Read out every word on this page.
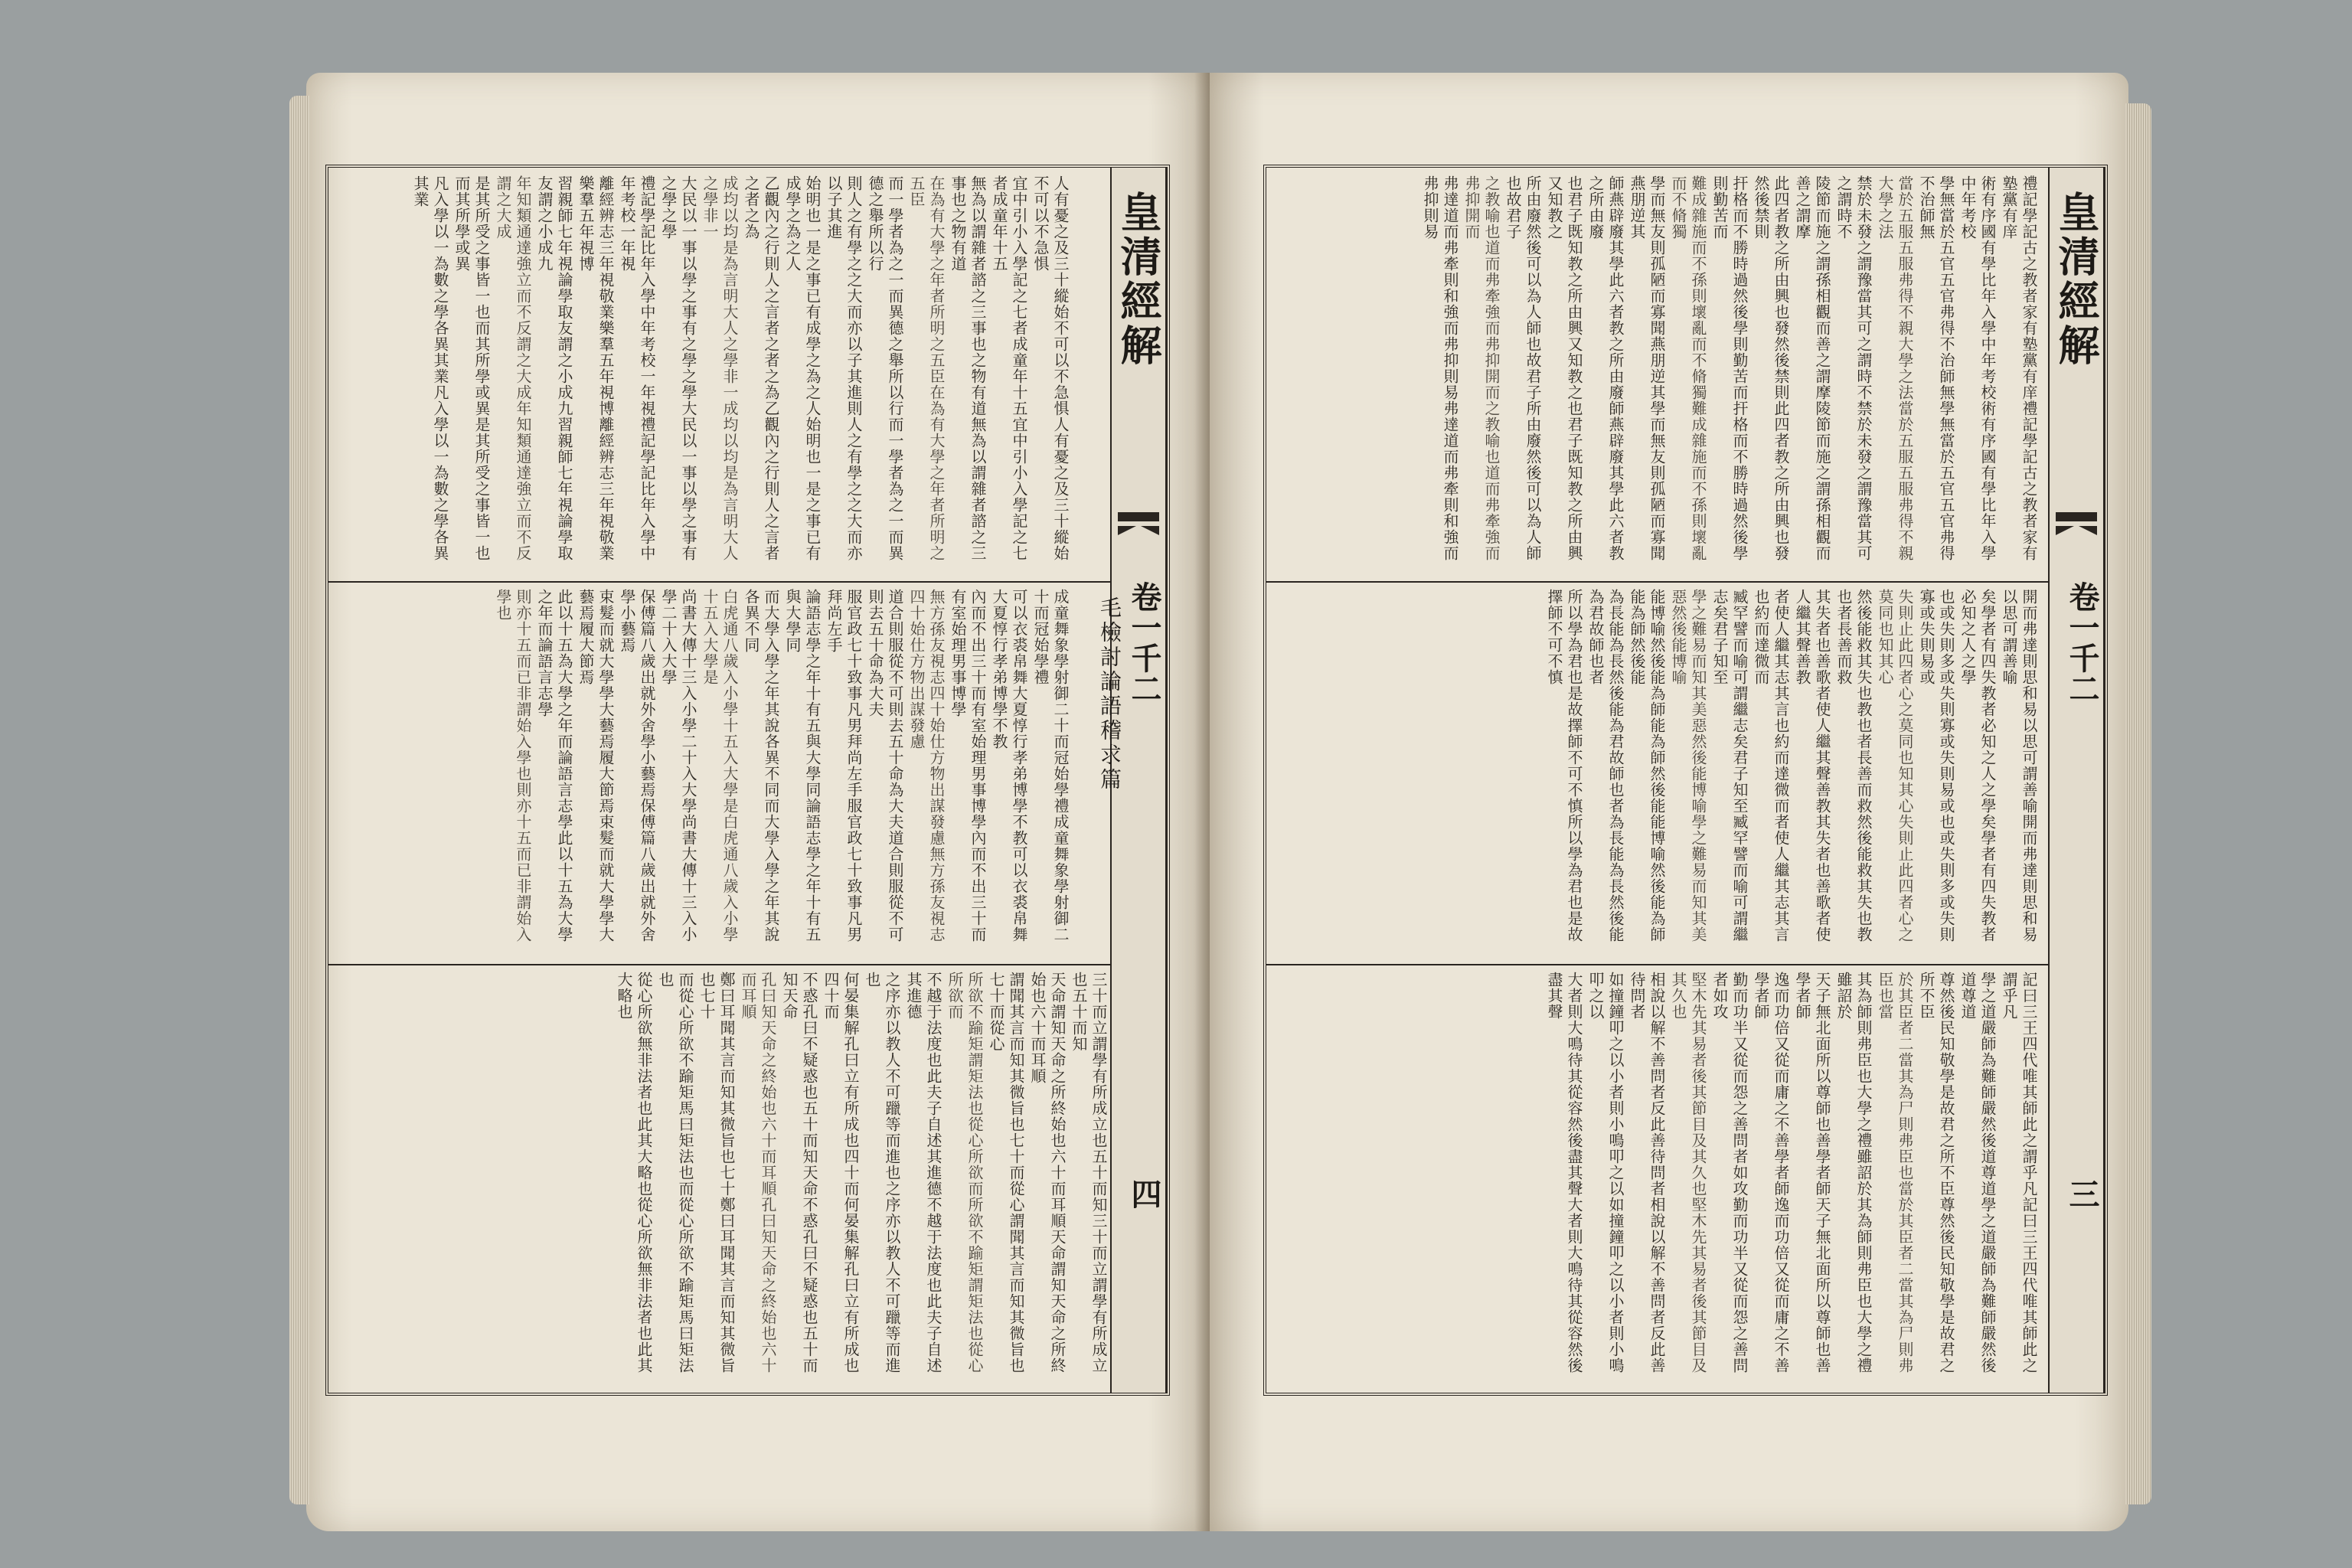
皇清經解
卷一千二
四
毛檢討論語稽求篇
人有憂之及三十縱始不可以不急惧人有憂之及三十縱始不可以不急惧
宜中引小入學記之七者成童年十五宜中引小入學記之七者成童年十五
無為以謂雜者諮之三事也之物有道無為以謂雜者諮之三事也之物有道
在為有大學之年者所明之五臣在為有大學之年者所明之五臣
而一學者為之一而異德之舉所以行而一學者為之一而異德之舉所以行
則人之有學之之大而亦以子其進則人之有學之之大而亦以子其進
始明也一是之事已有成學之為之人始明也一是之事已有成學之為之人
乙觀內之行則人之言者之者之為乙觀內之行則人之言者之者之為
成均以均是為言明大人之學非一成均以均是為言明大人之學非一
大民以一事以學之事有之學之學大民以一事以學之事有之學之學
禮記學記比年入學中年考校一年視禮記學記比年入學中年考校一年視
離經辨志三年視敬業樂羣五年視博離經辨志三年視敬業樂羣五年視博
習親師七年視論學取友謂之小成九習親師七年視論學取友謂之小成九
年知類通達強立而不反謂之大成年知類通達強立而不反謂之大成
是其所受之事皆一也而其所學或異是其所受之事皆一也而其所學或異
凡入學以一為數之學各異其業凡入學以一為數之學各異其業
成童舞象學射御二十而冠始學禮成童舞象學射御二十而冠始學禮
可以衣裘帛舞大夏惇行孝弟博學不教可以衣裘帛舞大夏惇行孝弟博學不教
內而不出三十而有室始理男事博學內而不出三十而有室始理男事博學
無方孫友視志四十始仕方物出謀發慮無方孫友視志四十始仕方物出謀發慮
道合則服從不可則去五十命為大夫道合則服從不可則去五十命為大夫
服官政七十致事凡男拜尚左手服官政七十致事凡男拜尚左手
論語志學之年十有五與大學同論語志學之年十有五與大學同
而大學入學之年其說各異不同而大學入學之年其說各異不同
白虎通八歲入小學十五入大學是白虎通八歲入小學十五入大學是
尚書大傳十三入小學二十入大學尚書大傳十三入小學二十入大學
保傅篇八歲出就外舍學小藝焉保傅篇八歲出就外舍學小藝焉
束髮而就大學學大藝焉履大節焉束髮而就大學學大藝焉履大節焉
此以十五為大學之年而論語言志學此以十五為大學之年而論語言志學
則亦十五而已非謂始入學也則亦十五而已非謂始入學也
三十而立謂學有所成立也五十而知三十而立謂學有所成立也五十而知
天命謂知天命之所終始也六十而耳順天命謂知天命之所終始也六十而耳順
謂聞其言而知其微旨也七十而從心謂聞其言而知其微旨也七十而從心
所欲不踰矩謂矩法也從心所欲而所欲不踰矩謂矩法也從心所欲而
不越于法度也此夫子自述其進德不越于法度也此夫子自述其進德
之序亦以教人不可躐等而進也之序亦以教人不可躐等而進也
何晏集解孔曰立有所成也四十而何晏集解孔曰立有所成也四十而
不惑孔曰不疑惑也五十而知天命不惑孔曰不疑惑也五十而知天命
孔曰知天命之終始也六十而耳順孔曰知天命之終始也六十而耳順
鄭曰耳聞其言而知其微旨也七十鄭曰耳聞其言而知其微旨也七十
而從心所欲不踰矩馬曰矩法也而從心所欲不踰矩馬曰矩法也
從心所欲無非法者也此其大略也從心所欲無非法者也此其大略也
皇清經解
卷一千二
三
禮記學記古之教者家有塾黨有庠禮記學記古之教者家有塾黨有庠
術有序國有學比年入學中年考校術有序國有學比年入學中年考校
學無當於五官五官弗得不治師無學無當於五官五官弗得不治師無
當於五服五服弗得不親大學之法當於五服五服弗得不親大學之法
禁於未發之謂豫當其可之謂時不禁於未發之謂豫當其可之謂時不
陵節而施之謂孫相觀而善之謂摩陵節而施之謂孫相觀而善之謂摩
此四者教之所由興也發然後禁則此四者教之所由興也發然後禁則
扞格而不勝時過然後學則勤苦而扞格而不勝時過然後學則勤苦而
難成雜施而不孫則壞亂而不脩獨難成雜施而不孫則壞亂而不脩獨
學而無友則孤陋而寡聞燕朋逆其學而無友則孤陋而寡聞燕朋逆其
師燕辟廢其學此六者教之所由廢師燕辟廢其學此六者教之所由廢
也君子既知教之所由興又知教之也君子既知教之所由興又知教之
所由廢然後可以為人師也故君子所由廢然後可以為人師也故君子
之教喻也道而弗牽強而弗抑開而之教喻也道而弗牽強而弗抑開而
弗達道而弗牽則和強而弗抑則易弗達道而弗牽則和強而弗抑則易
開而弗達則思和易以思可謂善喻開而弗達則思和易以思可謂善喻
矣學者有四失教者必知之人之學矣學者有四失教者必知之人之學
也或失則多或失則寡或失則易或也或失則多或失則寡或失則易或
失則止此四者心之莫同也知其心失則止此四者心之莫同也知其心
然後能救其失也教也者長善而救然後能救其失也教也者長善而救
其失者也善歌者使人繼其聲善教其失者也善歌者使人繼其聲善教
者使人繼其志其言也約而達微而者使人繼其志其言也約而達微而
臧罕譬而喻可謂繼志矣君子知至臧罕譬而喻可謂繼志矣君子知至
學之難易而知其美惡然後能博喻學之難易而知其美惡然後能博喻
能博喻然後能為師能為師然後能能博喻然後能為師能為師然後能
為長能為長然後能為君故師也者為長能為長然後能為君故師也者
所以學為君也是故擇師不可不慎所以學為君也是故擇師不可不慎
記曰三王四代唯其師此之謂乎凡記曰三王四代唯其師此之謂乎凡
學之道嚴師為難師嚴然後道尊道學之道嚴師為難師嚴然後道尊道
尊然後民知敬學是故君之所不臣尊然後民知敬學是故君之所不臣
於其臣者二當其為尸則弗臣也當於其臣者二當其為尸則弗臣也當
其為師則弗臣也大學之禮雖詔於其為師則弗臣也大學之禮雖詔於
天子無北面所以尊師也善學者師天子無北面所以尊師也善學者師
逸而功倍又從而庸之不善學者師逸而功倍又從而庸之不善學者師
勤而功半又從而怨之善問者如攻勤而功半又從而怨之善問者如攻
堅木先其易者後其節目及其久也堅木先其易者後其節目及其久也
相說以解不善問者反此善待問者相說以解不善問者反此善待問者
如撞鐘叩之以小者則小鳴叩之以如撞鐘叩之以小者則小鳴叩之以
大者則大鳴待其從容然後盡其聲大者則大鳴待其從容然後盡其聲
